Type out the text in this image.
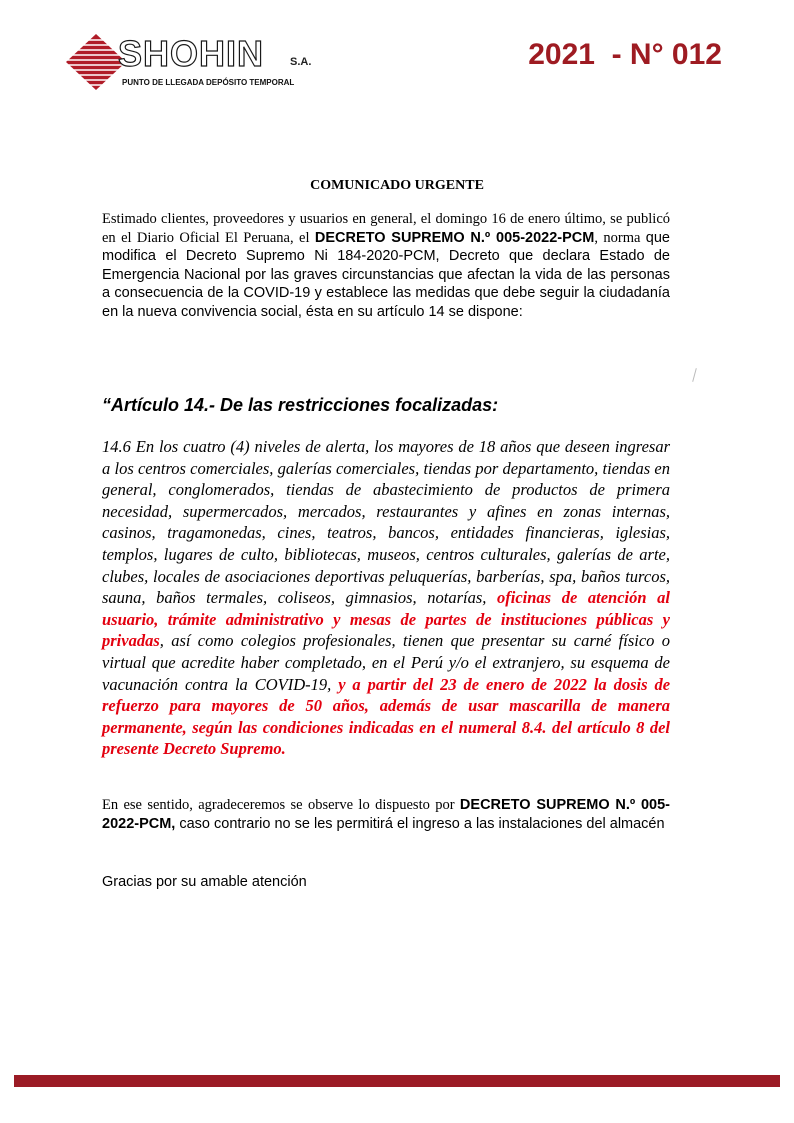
SHOHIN S.A.
PUNTO DE LLEGADA DEPÓSITO TEMPORAL
2021  - N° 012
COMUNICADO URGENTE
Estimado clientes, proveedores y usuarios en general, el domingo 16 de enero último, se publicó en el Diario Oficial El Peruana, el DECRETO SUPREMO N.º 005-2022-PCM, norma que modifica el Decreto Supremo Ni 184-2020-PCM, Decreto que declara Estado de Emergencia Nacional por las graves circunstancias que afectan la vida de las personas a consecuencia de la COVID-19 y establece las medidas que debe seguir la ciudadanía en la nueva convivencia social, ésta en su artículo 14 se dispone:
“Artículo 14.- De las restricciones focalizadas:
14.6 En los cuatro (4) niveles de alerta, los mayores de 18 años que deseen ingresar a los centros comerciales, galerías comerciales, tiendas por departamento, tiendas en general, conglomerados, tiendas de abastecimiento de productos de primera necesidad, supermercados, mercados, restaurantes y afines en zonas internas, casinos, tragamonedas, cines, teatros, bancos, entidades financieras, iglesias, templos, lugares de culto, bibliotecas, museos, centros culturales, galerías de arte, clubes, locales de asociaciones deportivas peluquerías, barberías, spa, baños turcos, sauna, baños termales, coliseos, gimnasios, notarías, oficinas de atención al usuario, trámite administrativo y mesas de partes de instituciones públicas y privadas, así como colegios profesionales, tienen que presentar su carné físico o virtual que acredite haber completado, en el Perú y/o el extranjero, su esquema de vacunación contra la COVID-19, y a partir del 23 de enero de 2022 la dosis de refuerzo para mayores de 50 años, además de usar mascarilla de manera permanente, según las condiciones indicadas en el numeral 8.4. del artículo 8 del presente Decreto Supremo.
En ese sentido, agradeceremos se observe lo dispuesto por DECRETO SUPREMO N.º 005-2022-PCM, caso contrario no se les permitirá el ingreso a las instalaciones del almacén
Gracias por su amable atención
